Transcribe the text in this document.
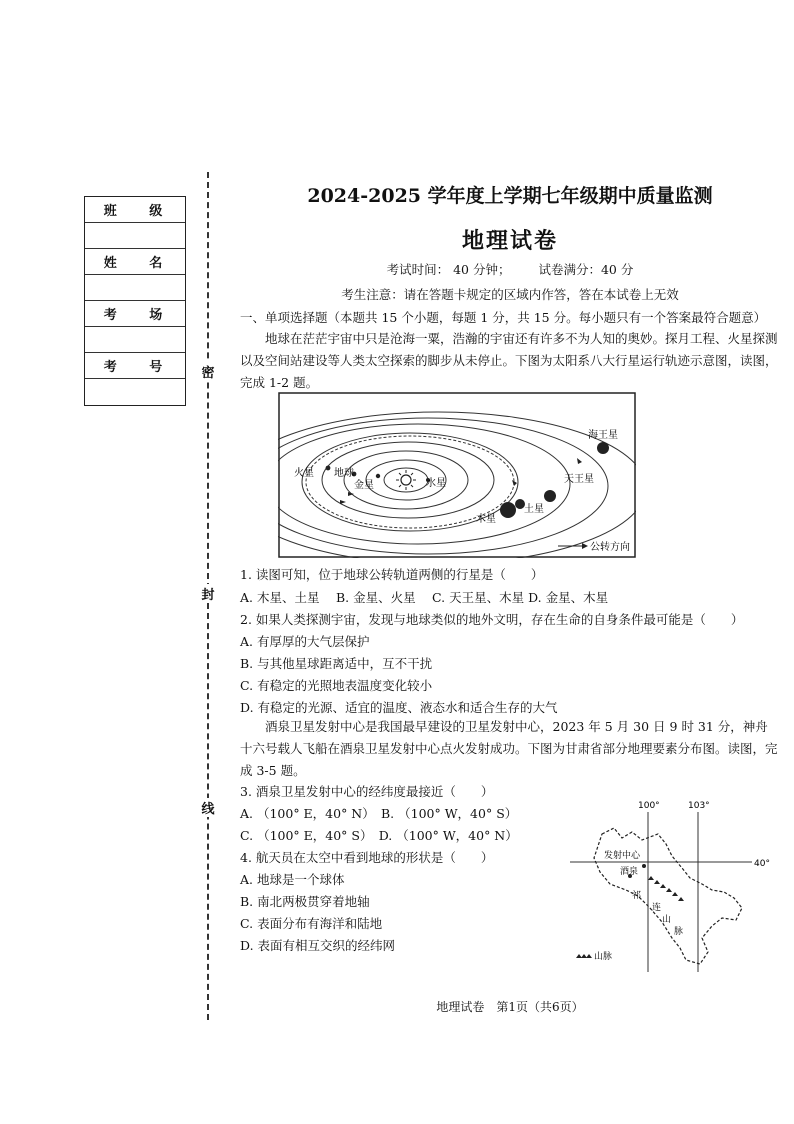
班 级
姓 名
考 场
考 号	密
封
线
2024-2025 学年度上学期七年级期中质量监测
地理试卷
考试时间： 40 分钟； 试卷满分：40 分
考生注意：请在答题卡规定的区域内作答，答在本试卷上无效
一、单项选择题（本题共 15 个小题，每题 1 分，共 15 分。每小题只有一个答案最符合题意）
地球在茫茫宇宙中只是沧海一粟，浩瀚的宇宙还有许多不为人知的奥妙。探月工程、火星探测以及空间站建设等人类太空探索的脚步从未停止。下图为太阳系八大行星运行轨迹示意图，读图，完成 1-2 题。
海王星
天王星
土星
木星
火星 地球
金星	水星
公转方向
1. 读图可知，位于地球公转轨道两侧的行星是（　　）
A. 木星、土星　 B. 金星、火星　 C. 天王星、木星 D. 金星、木星
2. 如果人类探测宇宙，发现与地球类似的地外文明，存在生命的自身条件最可能是（　　）
A. 有厚厚的大气层保护
B. 与其他星球距离适中，互不干扰
C. 有稳定的光照地表温度变化较小
D. 有稳定的光源、适宜的温度、液态水和适合生存的大气
酒泉卫星发射中心是我国最早建设的卫星发射中心，2023 年 5 月 30 日 9 时 31 分，神舟十六号载人飞船在酒泉卫星发射中心点火发射成功。下图为甘肃省部分地理要素分布图。读图，完成 3-5 题。
3. 酒泉卫星发射中心的经纬度最接近（　　）
A. （100° E，40° N）　B. （100° W，40° S）
C. （100° E，40° S）　D. （100° W，40° N）
4. 航天员在太空中看到地球的形状是（　　）
A. 地球是一个球体
B. 南北两极贯穿着地轴
C. 表面分布有海洋和陆地
D. 表面有相互交织的经纬网
100°	103°
40°
发射中心
酒泉
祁
连
山
脉
山脉
地理试卷　第1页（共6页）
